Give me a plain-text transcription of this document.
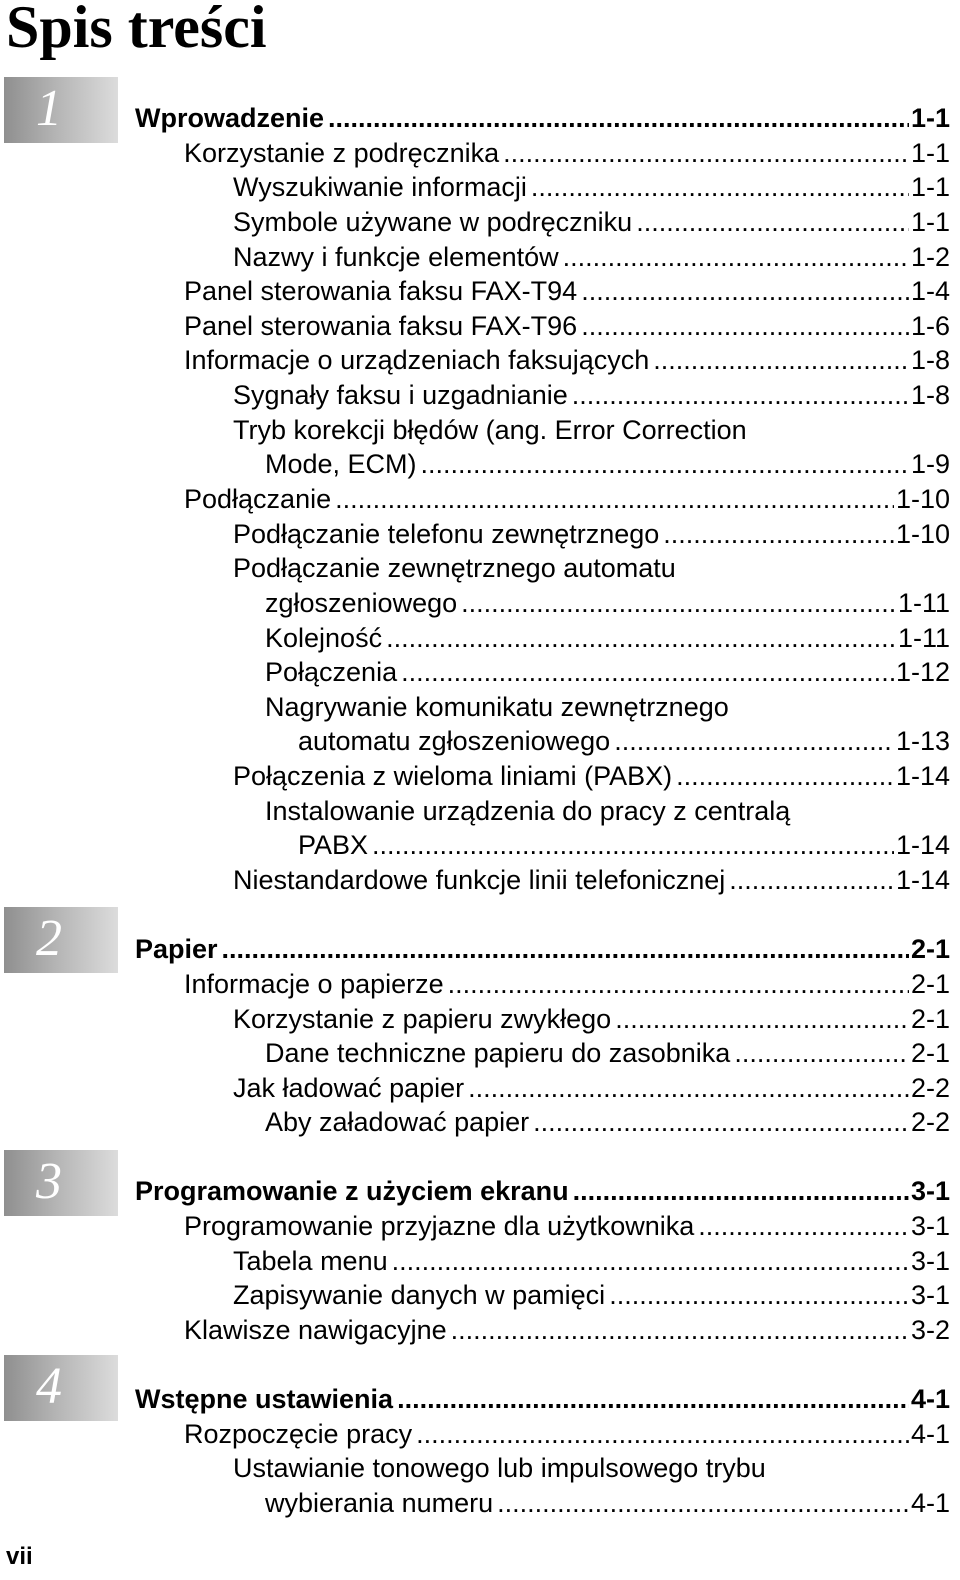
Spis treści
1	Wprowadzenie .....	1-1
Korzystanie z podręcznika .....	1-1
Wyszukiwanie informacji .....	1-1
Symbole używane w podręczniku .....	1-1
Nazwy i funkcje elementów .....	1-2
Panel sterowania faksu FAX-T94 .....	1-4
Panel sterowania faksu FAX-T96 .....	1-6
Informacje o urządzeniach faksujących .....	1-8
Sygnały faksu i uzgadnianie .....	1-8
Tryb korekcji błędów (ang. Error Correction
Mode, ECM) .....	1-9
Podłączanie .....	1-10
Podłączanie telefonu zewnętrznego .....	1-10
Podłączanie zewnętrznego automatu
zgłoszeniowego .....	1-11
Kolejność .....	1-11
Połączenia .....	1-12
Nagrywanie komunikatu zewnętrznego
automatu zgłoszeniowego .....	1-13
Połączenia z wieloma liniami (PABX) .....	1-14
Instalowanie urządzenia do pracy z centralą
PABX .....	1-14
Niestandardowe funkcje linii telefonicznej .....	1-14
2	Papier .....	2-1
Informacje o papierze .....	2-1
Korzystanie z papieru zwykłego .....	2-1
Dane techniczne papieru do zasobnika .....	2-1
Jak ładować papier .....	2-2
Aby załadować papier .....	2-2
3	Programowanie z użyciem ekranu .....	3-1
Programowanie przyjazne dla użytkownika .....	3-1
Tabela menu .....	3-1
Zapisywanie danych w pamięci .....	3-1
Klawisze nawigacyjne .....	3-2
4	Wstępne ustawienia .....	4-1
Rozpoczęcie pracy .....	4-1
Ustawianie tonowego lub impulsowego trybu
wybierania numeru .....	4-1
vii
